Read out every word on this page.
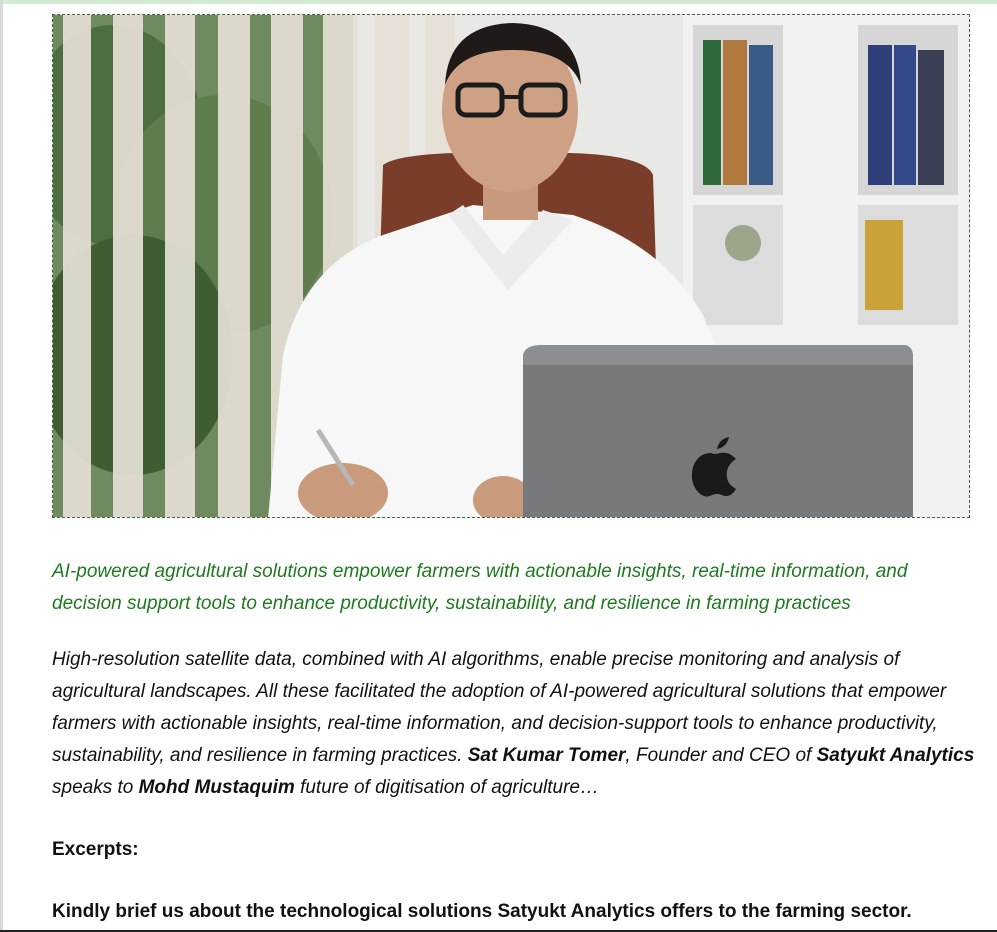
AI-powered agricultural solutions empower farmers with actionable insights, real-time information, and decision support tools to enhance productivity, sustainability, and resilience in farming practices

High-resolution satellite data, combined with AI algorithms, enable precise monitoring and analysis of agricultural landscapes. All these facilitated the adoption of AI-powered agricultural solutions that empower farmers with actionable insights, real-time information, and decision-support tools to enhance productivity, sustainability, and resilience in farming practices. Sat Kumar Tomer, Founder and CEO of Satyukt Analytics speaks to Mohd Mustaquim future of digitisation of agriculture…

Excerpts:

Kindly brief us about the technological solutions Satyukt Analytics offers to the farming sector.
